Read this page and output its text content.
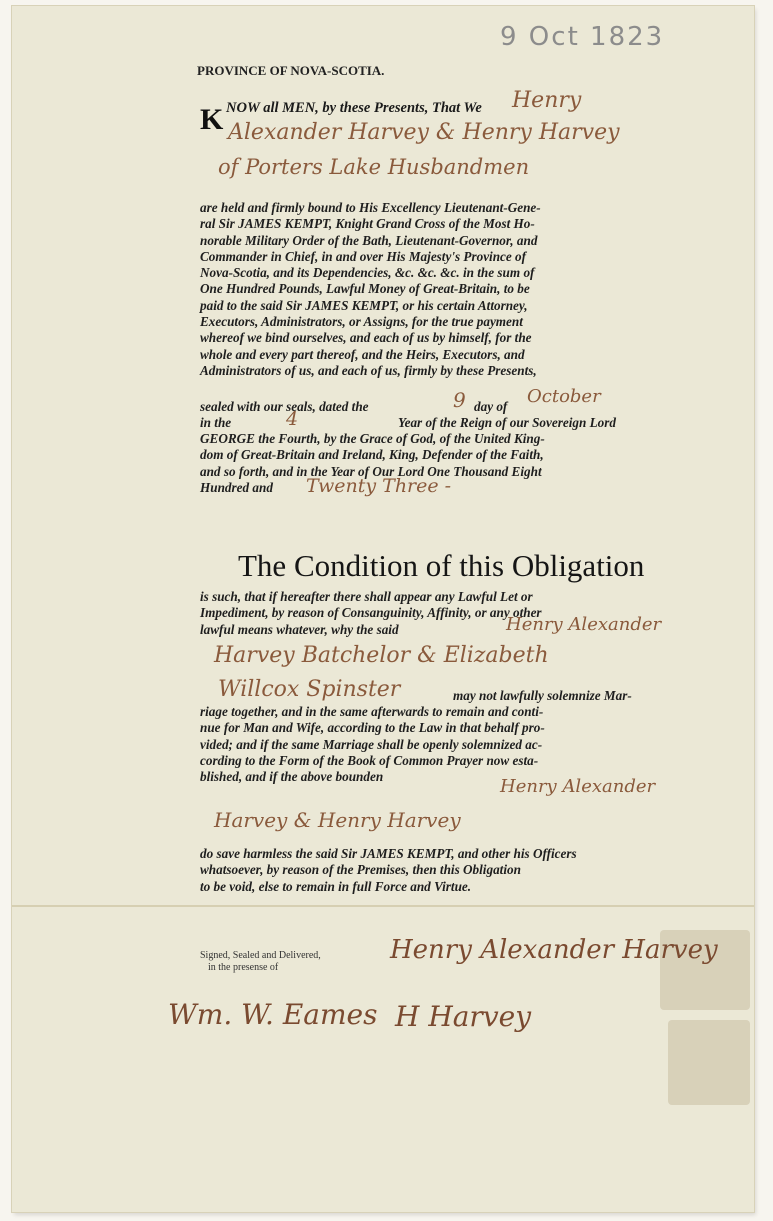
9 Oct 1823
PROVINCE OF NOVA-SCOTIA.
K NOW all MEN, by these Presents, That We Henry
Alexander Harvey & Henry Harvey
of Porters Lake Husbandmen
are held and firmly bound to His Excellency Lieutenant-Gene-
ral Sir JAMES KEMPT, Knight Grand Cross of the Most Ho-
norable Military Order of the Bath, Lieutenant-Governor, and
Commander in Chief, in and over His Majesty's Province of
Nova-Scotia, and its Dependencies, &c. &c. &c. in the sum of
One Hundred Pounds, Lawful Money of Great-Britain, to be
paid to the said Sir JAMES KEMPT, or his certain Attorney,
Executors, Administrators, or Assigns, for the true payment
whereof we bind ourselves, and each of us by himself, for the
whole and every part thereof, and the Heirs, Executors, and
Administrators of us, and each of us, firmly by these Presents,
sealed with our seals, dated the	9 day of October
in the	4	Year of the Reign of our Sovereign Lord
GEORGE the Fourth, by the Grace of God, of the United King-
dom of Great-Britain and Ireland, King, Defender of the Faith,
and so forth, and in the Year of Our Lord One Thousand Eight
Hundred and Twenty Three -
The Condition of this Obligation
is such, that if hereafter there shall appear any Lawful Let or
Impediment, by reason of Consanguinity, Affinity, or any other
lawful means whatever, why the said	Henry Alexander
Harvey Batchelor & Elizabeth
Willcox Spinster	may not lawfully solemnize Mar-
riage together, and in the same afterwards to remain and conti-
nue for Man and Wife, according to the Law in that behalf pro-
vided; and if the same Marriage shall be openly solemnized ac-
cording to the Form of the Book of Common Prayer now esta-
blished, and if the above bounden	Henry Alexander
Harvey & Henry Harvey
do save harmless the said Sir JAMES KEMPT, and other his Officers
whatsoever, by reason of the Premises, then this Obligation
to be void, else to remain in full Force and Virtue.
Signed, Sealed and Delivered,
in the presense of
Henry Alexander Harvey
Wm. W. Eames H Harvey
